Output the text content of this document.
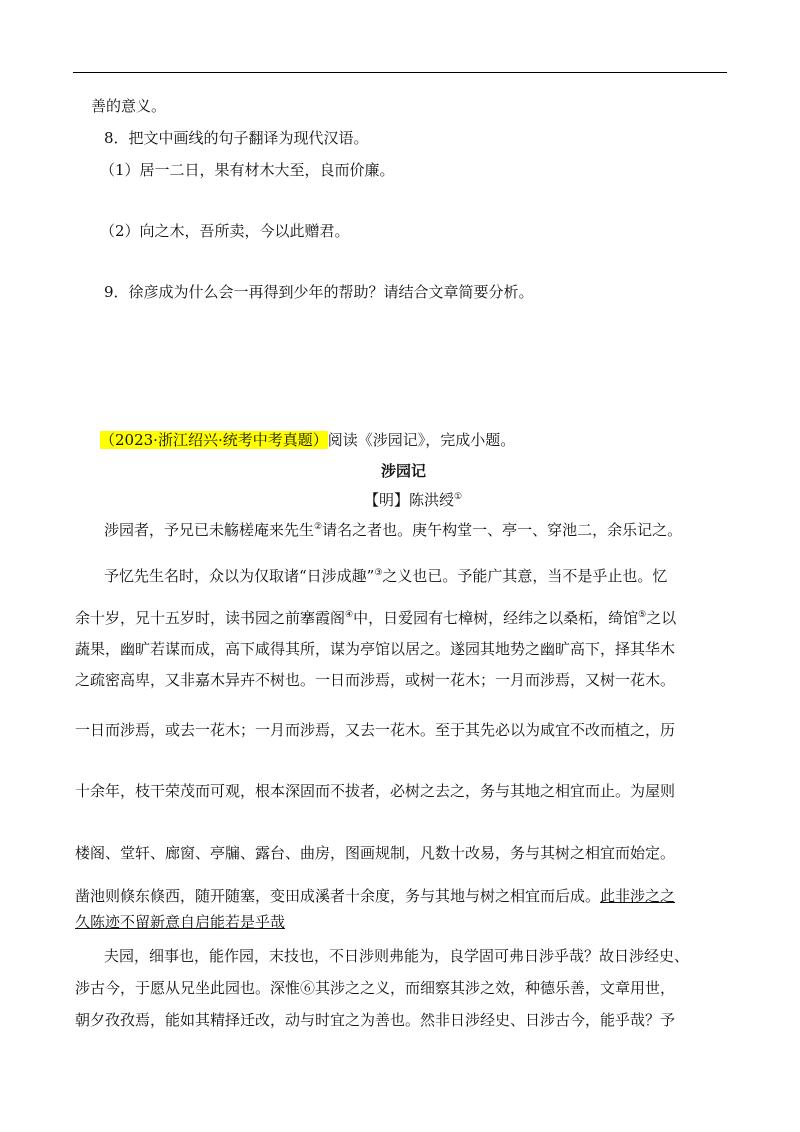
善的意义。

8．把文中画线的句子翻译为现代汉语。

（1）居一二日，果有材木大至，良而价廉。

（2）向之木，吾所卖，今以此赠君。

9．徐彦成为什么会一再得到少年的帮助？请结合文章简要分析。

（2023·浙江绍兴·统考中考真题）阅读《涉园记》，完成小题。

涉园记

【明】陈洪绶①

涉园者，予兄已未觞槎庵来先生②请名之者也。庚午构堂一、亭一、穿池二，余乐记之。

予忆先生名时，众以为仅取诸“日涉成趣”③之义也已。予能广其意，当不是乎止也。忆

余十岁，兄十五岁时，读书园之前搴霞阁④中，日爱园有七樟树，经纬之以桑柘，绮馆⑤之以

蔬果，幽旷若谋而成，高下咸得其所，谋为亭馆以居之。遂园其地势之幽旷高下，择其华木

之疏密高卑，又非嘉木异卉不树也。一日而涉焉，或树一花木；一月而涉焉，又树一花木。

一日而涉焉，或去一花木；一月而涉焉，又去一花木。至于其先必以为咸宜不改而植之，历

十余年，枝干荣茂而可观，根本深固而不拔者，必树之去之，务与其地之相宜而止。为屋则

楼阁、堂轩、廊窗、亭牖、露台、曲房，图画规制，凡数十改易，务与其树之相宜而始定。

凿池则倏东倏西，随开随塞，变田成溪者十余度，务与其地与树之相宜而后成。此非涉之之

久陈迹不留新意自启能若是乎哉

夫园，细事也，能作园，末技也，不日涉则弗能为，良学固可弗日涉乎哉？故日涉经史、

涉古今，于愿从兄坐此园也。深惟⑥其涉之之义，而细察其涉之效，种德乐善，文章用世，

朝夕孜孜焉，能如其精择迁改，动与时宜之为善也。然非日涉经史、日涉古今，能乎哉？予
